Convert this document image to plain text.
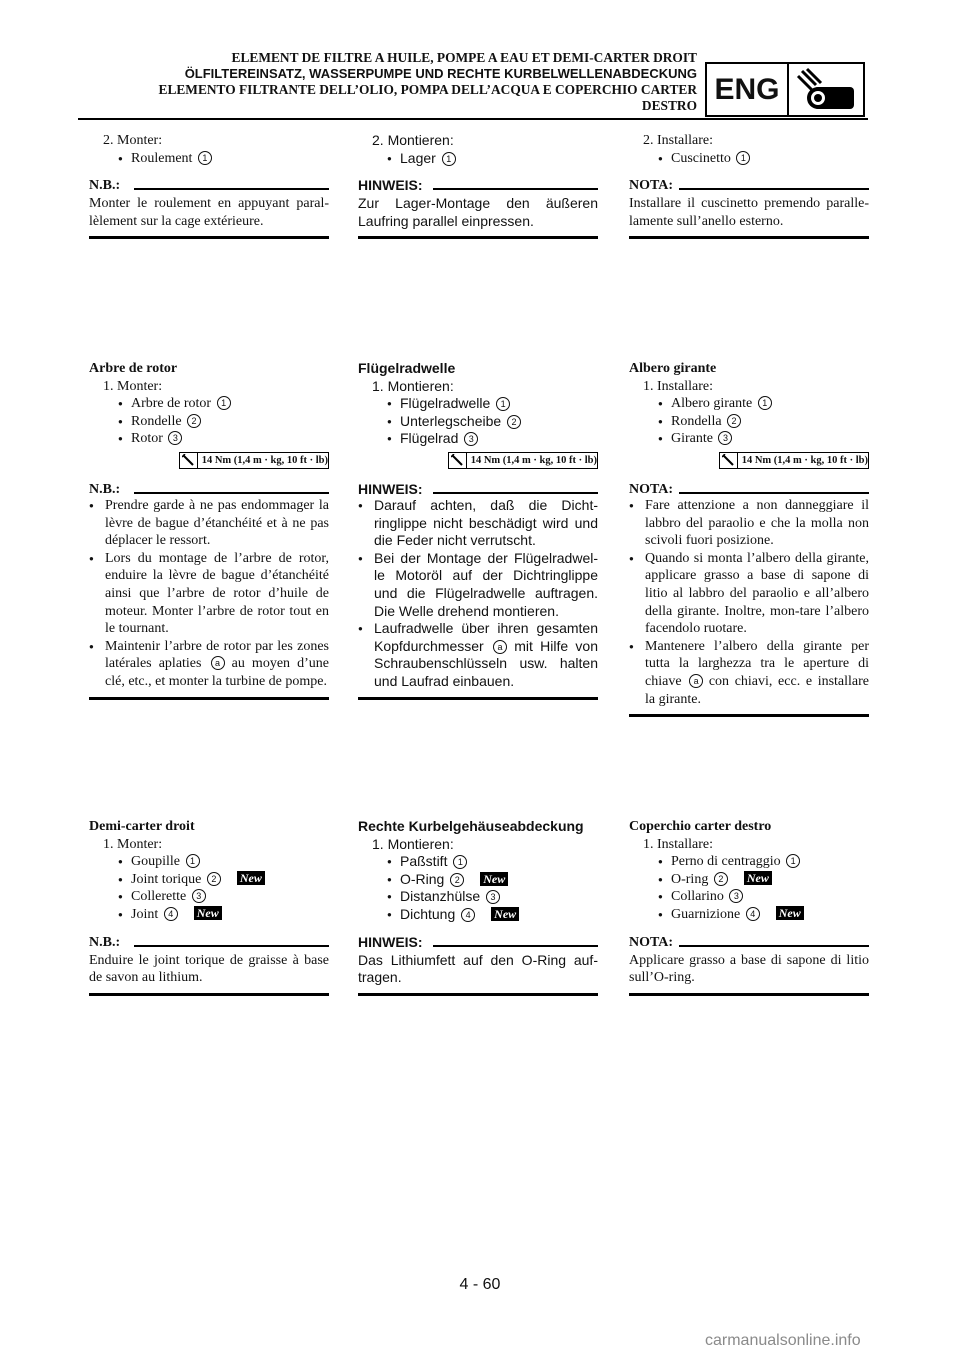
ELEMENT DE FILTRE A HUILE, POMPE A EAU ET DEMI-CARTER DROIT
ÖLFILTEREINSATZ, WASSERPUMPE UND RECHTE KURBELWELLENABDECKUNG
ELEMENTO FILTRANTE DELL’OLIO, POMPA DELL’ACQUA E COPERCHIO CARTER
DESTRO ENG
2. Monter:
● Roulement 1
N.B.:
Monter le roulement en appuyant paral-lèlement sur la cage extérieure.
2. Montieren:
● Lager 1
HINWEIS:
Zur Lager-Montage den äußeren Laufring parallel einpressen.
2. Installare:
● Cuscinetto 1
NOTA:
Installare il cuscinetto premendo paralle-lamente sull’anello esterno.
Arbre de rotor
1. Monter:
● Arbre de rotor 1
● Rondelle 2
● Rotor 3
14 Nm (1,4 m · kg, 10 ft · lb)
N.B.:
● Prendre garde à ne pas endommager la lèvre de bague d’étanchéité et à ne pas déplacer le ressort.
● Lors du montage de l’arbre de rotor, enduire la lèvre de bague d’étanchéité ainsi que l’arbre de rotor d’huile de moteur. Monter l’arbre de rotor tout en le tournant.
● Maintenir l’arbre de rotor par les zones latérales aplaties a au moyen d’une clé, etc., et monter la turbine de pompe.
Flügelradwelle
1. Montieren:
● Flügelradwelle 1
● Unterlegscheibe 2
● Flügelrad 3
14 Nm (1,4 m · kg, 10 ft · lb)
HINWEIS:
● Darauf achten, daß die Dicht-ringlippe nicht beschädigt wird und die Feder nicht verrutscht.
● Bei der Montage der Flügelradwel-le Motoröl auf der Dichtringlippe und die Flügelradwelle auftragen. Die Welle drehend montieren.
● Laufradwelle über ihren gesamten Kopfdurchmesser a mit Hilfe von Schraubenschlüsseln usw. halten und Laufrad einbauen.
Albero girante
1. Installare:
● Albero girante 1
● Rondella 2
● Girante 3
14 Nm (1,4 m · kg, 10 ft · lb)
NOTA:
● Fare attenzione a non danneggiare il labbro del paraolio e che la molla non scivoli fuori posizione.
● Quando si monta l’albero della girante, applicare grasso a base di sapone di litio al labbro del paraolio e all’albero della girante. Inoltre, mon-tare l’albero facendolo ruotare.
● Mantenere l’albero della girante per tutta la larghezza tra le aperture di chiave a con chiavi, ecc. e installare la girante.
Demi-carter droit
1. Monter:
● Goupille 1
● Joint torique 2 New
● Collerette 3
● Joint 4 New
N.B.:
Enduire le joint torique de graisse à base de savon au lithium.
Rechte Kurbelgehäuseabdeckung
1. Montieren:
● Paßstift 1
● O-Ring 2 New
● Distanzhülse 3
● Dichtung 4 New
HINWEIS:
Das Lithiumfett auf den O-Ring auf-tragen.
Coperchio carter destro
1. Installare:
● Perno di centraggio 1
● O-ring 2 New
● Collarino 3
● Guarnizione 4 New
NOTA:
Applicare grasso a base di sapone di litio sull’O-ring.
4 - 60
carmanualsonline.info
